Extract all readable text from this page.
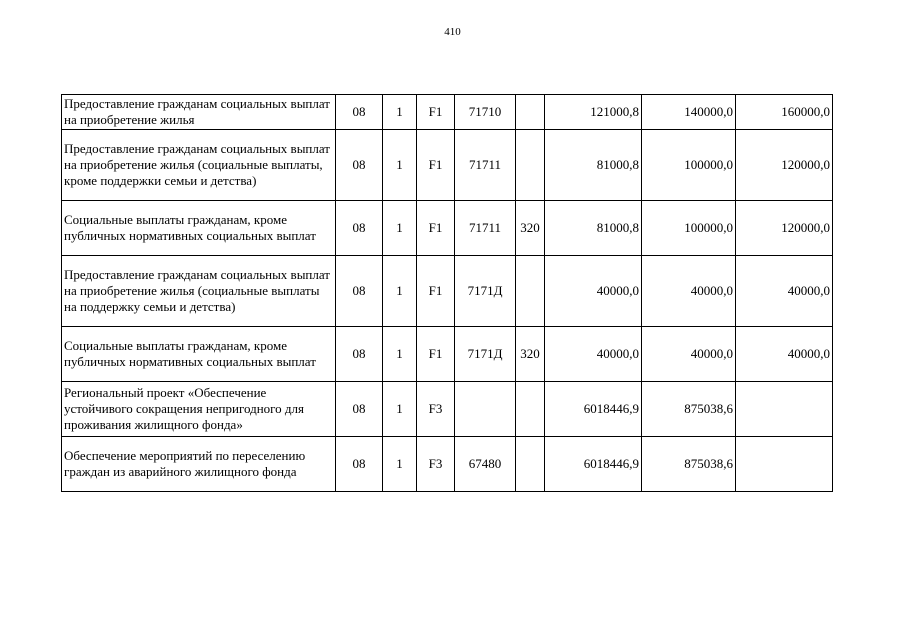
410
Предоставление гражданам социальных выплат на приобретение жилья	08	1	F1	71710		121000,8	140000,0	160000,0
Предоставление гражданам социальных выплат на приобретение жилья (социальные выплаты, кроме поддержки семьи и детства)	08	1	F1	71711		81000,8	100000,0	120000,0
Социальные выплаты гражданам, кроме публичных нормативных социальных выплат	08	1	F1	71711	320	81000,8	100000,0	120000,0
Предоставление гражданам социальных выплат на приобретение жилья (социальные выплаты на поддержку семьи и детства)	08	1	F1	7171Д		40000,0	40000,0	40000,0
Социальные выплаты гражданам, кроме публичных нормативных социальных выплат	08	1	F1	7171Д	320	40000,0	40000,0	40000,0
Региональный проект «Обеспечение устойчивого сокращения непригодного для проживания жилищного фонда»	08	1	F3			6018446,9	875038,6	
Обеспечение мероприятий по переселению граждан из аварийного жилищного фонда	08	1	F3	67480		6018446,9	875038,6	
